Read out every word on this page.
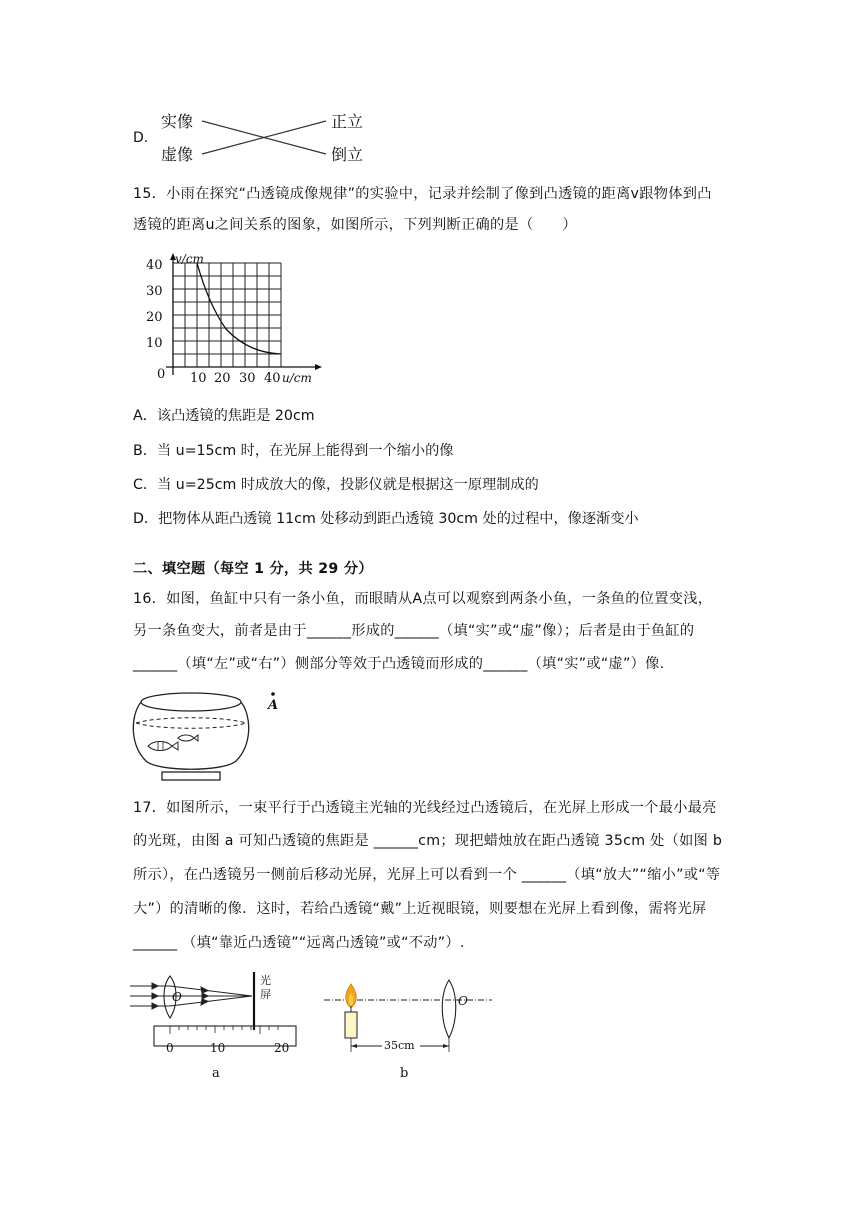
D.
实像
虚像
正立
倒立
15．小雨在探究“凸透镜成像规律”的实验中，记录并绘制了像到凸透镜的距离v跟物体到凸
透镜的距离u之间关系的图象，如图所示，下列判断正确的是（　　）
v/cm
40
30
20
10
0 10 20 30 40 u/cm
A．该凸透镜的焦距是 20cm
B．当 u=15cm 时，在光屏上能得到一个缩小的像
C．当 u=25cm 时成放大的像，投影仪就是根据这一原理制成的
D．把物体从距凸透镜 11cm 处移动到距凸透镜 30cm 处的过程中，像逐渐变小
二、填空题（每空 1 分，共 29 分）
16．如图，鱼缸中只有一条小鱼，而眼睛从A点可以观察到两条小鱼，一条鱼的位置变浅，
另一条鱼变大，前者是由于______形成的______（填“实”或“虚”像）；后者是由于鱼缸的
______（填“左”或“右”）侧部分等效于凸透镜而形成的______（填“实”或“虚”）像.
A
17．如图所示，一束平行于凸透镜主光轴的光线经过凸透镜后，在光屏上形成一个最小最亮
的光斑，由图 a 可知凸透镜的焦距是 ______cm；现把蜡烛放在距凸透镜 35cm 处（如图 b
所示），在凸透镜另一侧前后移动光屏，光屏上可以看到一个 ______（填“放大”“缩小”或“等
大”）的清晰的像．这时，若给凸透镜“戴”上近视眼镜，则要想在光屏上看到像，需将光屏
______ （填“靠近凸透镜”“远离凸透镜”或“不动”）.
O
光屏
0	10	20
a
35cm
O
b
